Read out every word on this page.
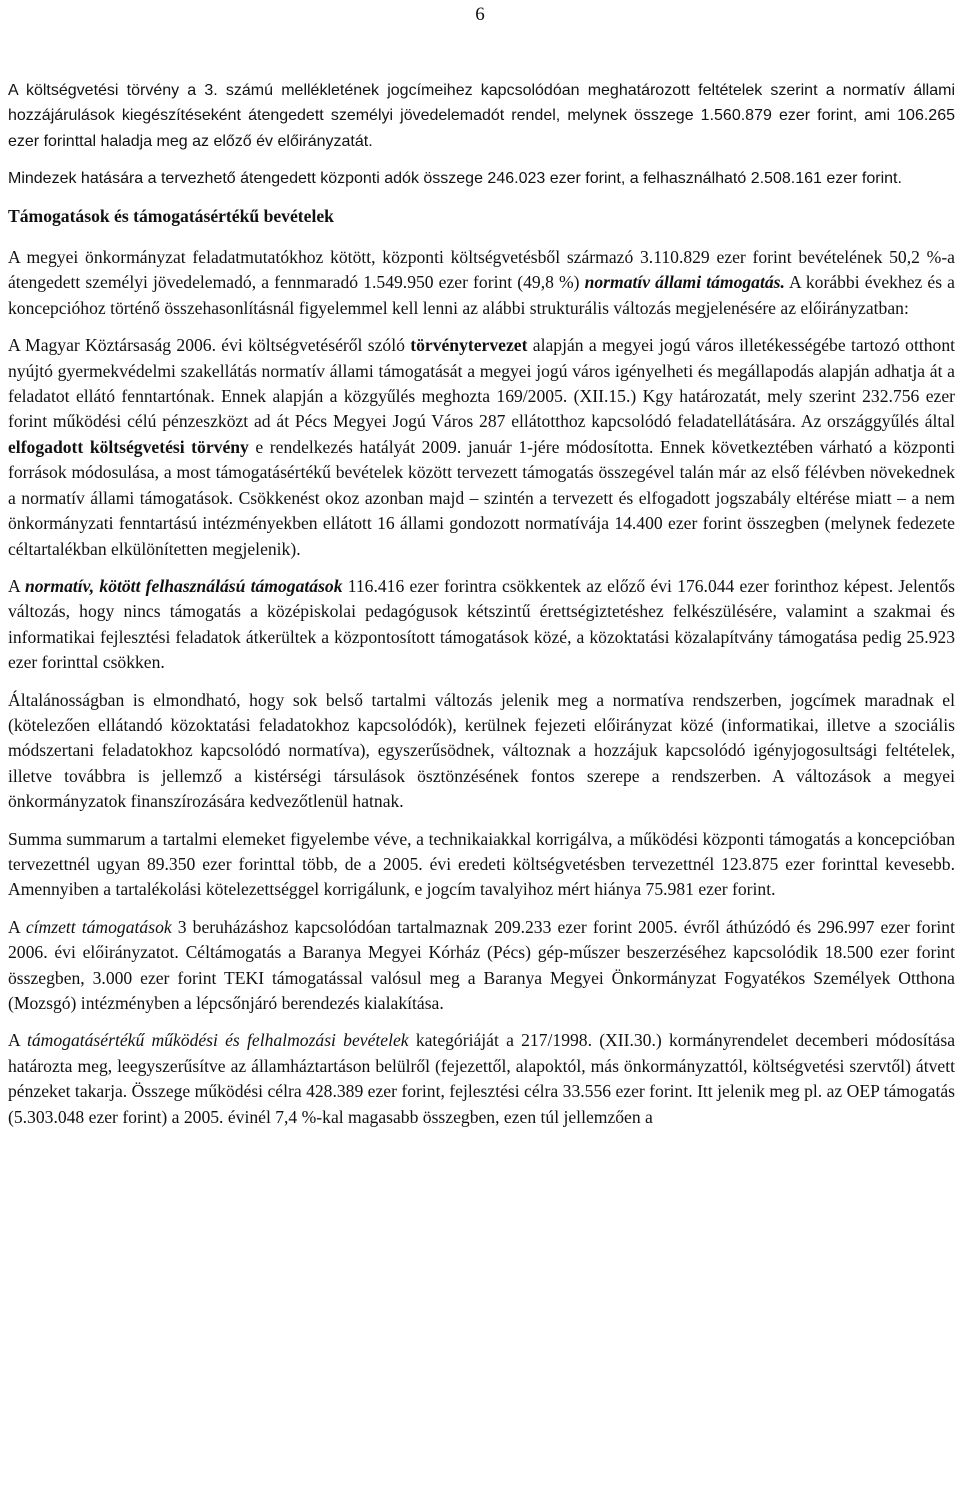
6

A költségvetési törvény a 3. számú mellékletének jogcímeihez kapcsolódóan meghatározott feltételek szerint a normatív állami hozzájárulások kiegészítéseként átengedett személyi jövedelemadót rendel, melynek összege 1.560.879 ezer forint, ami 106.265 ezer forinttal haladja meg az előző év előirányzatát.

Mindezek hatására a tervezhető átengedett központi adók összege 246.023 ezer forint, a felhasználható 2.508.161 ezer forint.

Támogatások és támogatásértékű bevételek

A megyei önkormányzat feladatmutatókhoz kötött, központi költségvetésből származó 3.110.829 ezer forint bevételének 50,2 %-a átengedett személyi jövedelemadó, a fennmaradó 1.549.950 ezer forint (49,8 %) normatív állami támogatás. A korábbi évekhez és a koncepcióhoz történő összehasonlításnál figyelemmel kell lenni az alábbi strukturális változás megjelenésére az előirányzatban:

A Magyar Köztársaság 2006. évi költségvetéséről szóló törvénytervezet alapján a megyei jogú város illetékességébe tartozó otthont nyújtó gyermekvédelmi szakellátás normatív állami támogatását a megyei jogú város igényelheti és megállapodás alapján adhatja át a feladatot ellátó fenntartónak. Ennek alapján a közgyűlés meghozta 169/2005. (XII.15.) Kgy határozatát, mely szerint 232.756 ezer forint működési célú pénzeszközt ad át Pécs Megyei Jogú Város 287 ellátotthoz kapcsolódó feladatellátására. Az országgyűlés által elfogadott költségvetési törvény e rendelkezés hatályát 2009. január 1-jére módosította. Ennek következtében várható a központi források módosulása, a most támogatásértékű bevételek között tervezett támogatás összegével talán már az első félévben növekednek a normatív állami támogatások. Csökkenést okoz azonban majd – szintén a tervezett és elfogadott jogszabály eltérése miatt – a nem önkormányzati fenntartású intézményekben ellátott 16 állami gondozott normatívája 14.400 ezer forint összegben (melynek fedezete céltartalékban elkülönítetten megjelenik).

A normatív, kötött felhasználású támogatások 116.416 ezer forintra csökkentek az előző évi 176.044 ezer forinthoz képest. Jelentős változás, hogy nincs támogatás a középiskolai pedagógusok kétszintű érettségiztetéshez felkészülésére, valamint a szakmai és informatikai fejlesztési feladatok átkerültek a központosított támogatások közé, a közoktatási közalapítvány támogatása pedig 25.923 ezer forinttal csökken.

Általánosságban is elmondható, hogy sok belső tartalmi változás jelenik meg a normatíva rendszerben, jogcímek maradnak el (kötelezően ellátandó közoktatási feladatokhoz kapcsolódók), kerülnek fejezeti előirányzat közé (informatikai, illetve a szociális módszertani feladatokhoz kapcsolódó normatíva), egyszerűsödnek, változnak a hozzájuk kapcsolódó igényjogosultsági feltételek, illetve továbbra is jellemző a kistérségi társulások ösztönzésének fontos szerepe a rendszerben. A változások a megyei önkormányzatok finanszírozására kedvezőtlenül hatnak.

Summa summarum a tartalmi elemeket figyelembe véve, a technikaiakkal korrigálva, a működési központi támogatás a koncepcióban tervezettnél ugyan 89.350 ezer forinttal több, de a 2005. évi eredeti költségvetésben tervezettnél 123.875 ezer forinttal kevesebb. Amennyiben a tartalékolási kötelezettséggel korrigálunk, e jogcím tavalyihoz mért hiánya 75.981 ezer forint.

A címzett támogatások 3 beruházáshoz kapcsolódóan tartalmaznak 209.233 ezer forint 2005. évről áthúzódó és 296.997 ezer forint 2006. évi előirányzatot. Céltámogatás a Baranya Megyei Kórház (Pécs) gép-műszer beszerzéséhez kapcsolódik 18.500 ezer forint összegben, 3.000 ezer forint TEKI támogatással valósul meg a Baranya Megyei Önkormányzat Fogyatékos Személyek Otthona (Mozsgó) intézményben a lépcsőnjáró berendezés kialakítása.

A támogatásértékű működési és felhalmozási bevételek kategóriáját a 217/1998. (XII.30.) kormányrendelet decemberi módosítása határozta meg, leegyszerűsítve az államháztartáson belülről (fejezettől, alapoktól, más önkormányzattól, költségvetési szervtől) átvett pénzeket takarja. Összege működési célra 428.389 ezer forint, fejlesztési célra 33.556 ezer forint. Itt jelenik meg pl. az OEP támogatás (5.303.048 ezer forint) a 2005. évinél 7,4 %-kal magasabb összegben, ezen túl jellemzően a
